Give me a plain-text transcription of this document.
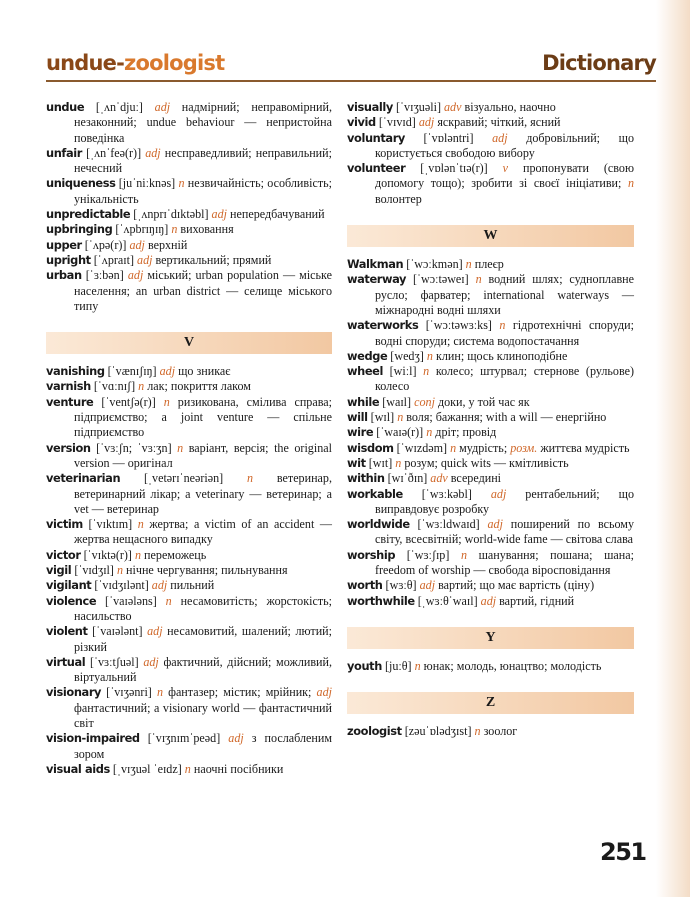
undue-zoologist	Dictionary
undue [ˌʌnˈdjuː] adj надмірний; неправомірний, незаконний; undue behaviour — непристойна поведінка
unfair [ˌʌnˈfeə(r)] adj несправедливий; неправильний; нечесний
uniqueness [juˈniːknəs] n незвичайність; особливість; унікальність
unpredictable [ˌʌnprɪˈdɪktəbl] adj непередбачуваний
upbringing [ˈʌpbrɪŋɪŋ] n виховання
upper [ˈʌpə(r)] adj верхній
upright [ˈʌpraɪt] adj вертикальний; прямий
urban [ˈɜːbən] adj міський; urban population — міське населення; an urban district — селище міського типу
V
vanishing [ˈvænɪʃɪŋ] adj що зникає
varnish [ˈvɑːnɪʃ] n лак; покриття лаком
venture [ˈventʃə(r)] n ризикована, смілива справа; підприємство; a joint venture — спільне підприємство
version [ˈvɜːʃn; ˈvɜːʒn] n варіант, версія; the original version — оригінал
veterinarian [ˌvetərɪˈneəriən] n ветеринар, ветеринарний лікар; a veterinary — ветеринар; a vet — ветеринар
victim [ˈvɪktɪm] n жертва; a victim of an accident — жертва нещасного випадку
victor [ˈvɪktə(r)] n переможець
vigil [ˈvɪdʒɪl] n нічне чергування; пильнування
vigilant [ˈvɪdʒɪlənt] adj пильний
violence [ˈvaɪələns] n несамовитість; жорстокість; насильство
violent [ˈvaɪələnt] adj несамовитий, шалений; лютий; різкий
virtual [ˈvɜːtʃuəl] adj фактичний, дійсний; можливий, віртуальний
visionary [ˈvɪʒənri] n фантазер; містик; мрійник; adj фантастичний; a visionary world — фантастичний світ
vision-impaired [ˈvɪʒnɪmˈpeəd] adj з послабленим зором
visual aids [ˌvɪʒuəl ˈeɪdz] n наочні посібники
visually [ˈvɪʒuəli] adv візуально, наочно
vivid [ˈvɪvɪd] adj яскравий; чіткий, ясний
voluntary [ˈvɒləntri] adj добровільний; що користується свободою вибору
volunteer [ˌvɒlənˈtɪə(r)] v пропонувати (свою допомогу тощо); зробити зі своєї ініціативи; n волонтер
W
Walkman [ˈwɔːkmən] n плеєр
waterway [ˈwɔːtəweɪ] n водний шлях; судноплавне русло; фарватер; international waterways — міжнародні водні шляхи
waterworks [ˈwɔːtəwɜːks] n гідротехнічні споруди; водні споруди; система водопостачання
wedge [wedʒ] n клин; щось клиноподібне
wheel [wiːl] n колесо; штурвал; стернове (рульове) колесо
while [waɪl] conj доки, у той час як
will [wɪl] n воля; бажання; with a will — енергійно
wire [ˈwaɪə(r)] n дріт; провід
wisdom [ˈwɪzdəm] n мудрість; розм. життєва мудрість
wit [wɪt] n розум; quick wits — кмітливість
within [wɪˈðɪn] adv всередині
workable [ˈwɜːkəbl] adj рентабельний; що виправдовує розробку
worldwide [ˈwɜːldwaɪd] adj поширений по всьому світу, всесвітній; world-wide fame — світова слава
worship [ˈwɜːʃɪp] n шанування; пошана; шана; freedom of worship — свобода віросповідання
worth [wɜːθ] adj вартий; що має вартість (ціну)
worthwhile [ˌwɜːθˈwaɪl] adj вартий, гідний
Y
youth [juːθ] n юнак; молодь, юнацтво; молодість
Z
zoologist [zəuˈɒlədʒɪst] n зоолог
251
